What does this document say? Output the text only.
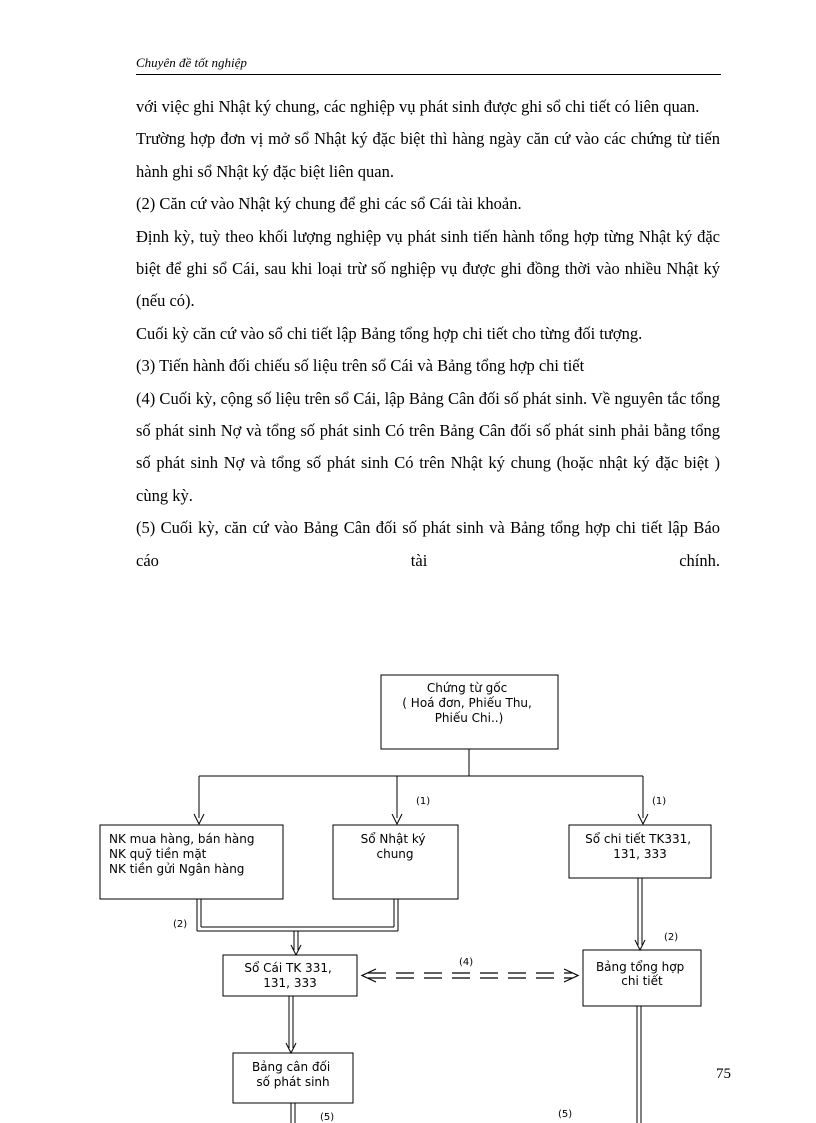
Chuyên đề tốt nghiệp

với việc ghi Nhật ký chung, các nghiệp vụ phát sinh được ghi sổ chi tiết có liên quan.

Trường hợp đơn vị mở sổ Nhật ký đặc biệt thì hàng ngày căn cứ vào các chứng từ tiến hành ghi sổ Nhật ký đặc biệt liên quan.

(2) Căn cứ vào Nhật ký chung để ghi các sổ Cái tài khoản.

Định kỳ, tuỳ theo khối lượng nghiệp vụ phát sinh tiến hành tổng hợp từng Nhật ký đặc biệt để ghi sổ Cái, sau khi loại trừ số nghiệp vụ được ghi đồng thời vào nhiều Nhật ký (nếu có).

Cuối kỳ căn cứ vào sổ chi tiết lập Bảng tổng hợp chi tiết cho từng đối tượng.

(3) Tiến hành đối chiếu số liệu trên sổ Cái và Bảng tổng hợp chi tiết

(4) Cuối kỳ, cộng số liệu trên sổ Cái, lập Bảng Cân đối số phát sinh. Về nguyên tắc tổng số phát sinh Nợ và tổng số phát sinh Có trên Bảng Cân đối số phát sinh phải bằng tổng số phát sinh Nợ và tổng số phát sinh Có trên Nhật ký chung (hoặc nhật ký đặc biệt ) cùng kỳ.

(5) Cuối kỳ, căn cứ vào Bảng Cân đối số phát sinh và Bảng tổng hợp chi tiết lập Báo cáo tài chính.

Chứng từ gốc ( Hoá đơn, Phiếu Thu, Phiếu Chi..)
NK mua hàng, bán hàng NK quỹ tiền mặt NK tiền gửi Ngân hàng
Sổ Nhật ký chung
Sổ chi tiết TK331, 131, 333
Sổ Cái TK 331, 131, 333
Bảng tổng hợp chi tiết
Bảng cân đối số phát sinh
(1)	(1)
(2)
(2)
(4)
(5)	(5)
75
